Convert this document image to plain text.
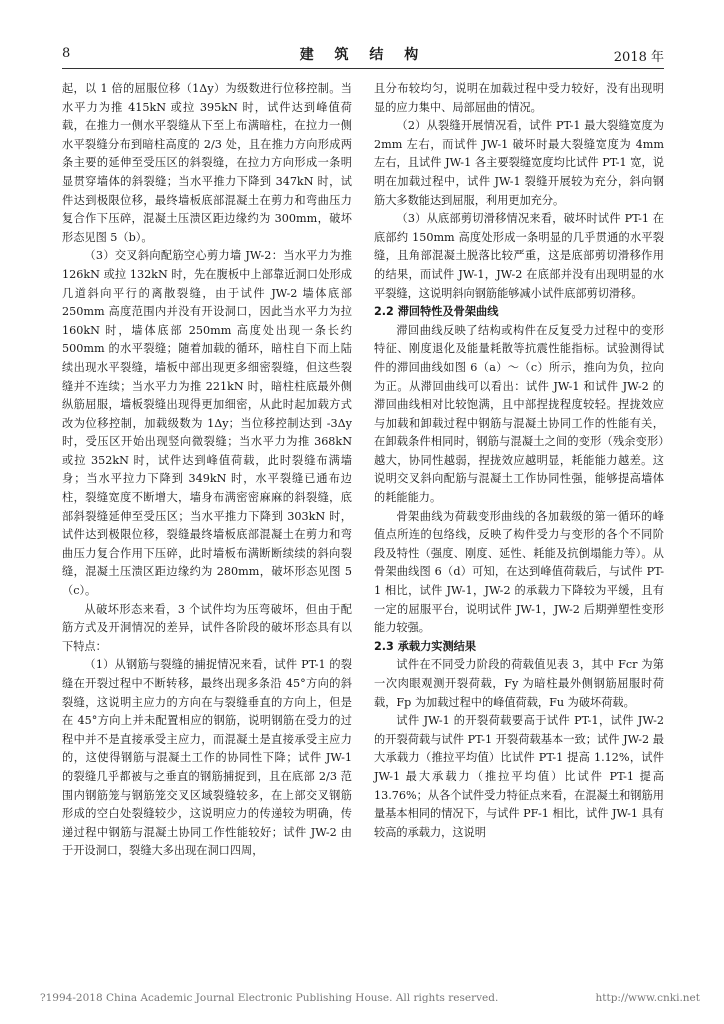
8	建 筑 结 构	2018 年

起，以 1 倍的屈服位移（1Δy）为级数进行位移控制。当水平力为推 415kN 或拉 395kN 时，试件达到峰值荷载，在推力一侧水平裂缝从下至上布满暗柱，在拉力一侧水平裂缝分布到暗柱高度的 2/3 处，且在推力方向形成两条主要的延伸至受压区的斜裂缝，在拉力方向形成一条明显贯穿墙体的斜裂缝；当水平推力下降到 347kN 时，试件达到极限位移，最终墙板底部混凝土在剪力和弯曲压力复合作下压碎，混凝土压溃区距边缘约为 300mm，破坏形态见图 5（b）。

（3）交叉斜向配筋空心剪力墙 JW-2：当水平力为推 126kN 或拉 132kN 时，先在腹板中上部靠近洞口处形成几道斜向平行的离散裂缝，由于试件 JW-2 墙体底部 250mm 高度范围内并没有开设洞口，因此当水平力为拉 160kN 时，墙体底部 250mm 高度处出现一条长约 500mm 的水平裂缝；随着加载的循环，暗柱自下而上陆续出现水平裂缝，墙板中部出现更多细密裂缝，但这些裂缝并不连续；当水平力为推 221kN 时，暗柱柱底最外侧纵筋屈服，墙板裂缝出现得更加细密，从此时起加载方式改为位移控制，加载级数为 1Δy；当位移控制达到 -3Δy 时，受压区开始出现竖向微裂缝；当水平力为推 368kN 或拉 352kN 时，试件达到峰值荷载，此时裂缝布满墙身；当水平拉力下降到 349kN 时，水平裂缝已通布边柱，裂缝宽度不断增大，墙身布满密密麻麻的斜裂缝，底部斜裂缝延伸至受压区；当水平推力下降到 303kN 时，试件达到极限位移，裂缝最终墙板底部混凝土在剪力和弯曲压力复合作用下压碎，此时墙板布满断断续续的斜向裂缝，混凝土压溃区距边缘约为 280mm，破坏形态见图 5（c）。

从破坏形态来看，3 个试件均为压弯破坏，但由于配筋方式及开洞情况的差异，试件各阶段的破坏形态具有以下特点：

（1）从钢筋与裂缝的捕捉情况来看，试件 PT-1 的裂缝在开裂过程中不断转移，最终出现多条沿 45°方向的斜裂缝，这说明主应力的方向在与裂缝垂直的方向上，但是在 45°方向上并未配置相应的钢筋，说明钢筋在受力的过程中并不是直接承受主应力，而混凝土是直接承受主应力的，这使得钢筋与混凝土工作的协同性下降；试件 JW-1 的裂缝几乎都被与之垂直的钢筋捕捉到，且在底部 2/3 范围内钢筋笼与钢筋笼交叉区域裂缝较多，在上部交叉钢筋形成的空白处裂缝较少，这说明应力的传递较为明确，传递过程中钢筋与混凝土协同工作性能较好；试件 JW-2 由于开设洞口，裂缝大多出现在洞口四周，

且分布较均匀，说明在加载过程中受力较好，没有出现明显的应力集中、局部屈曲的情况。

（2）从裂缝开展情况看，试件 PT-1 最大裂缝宽度为 2mm 左右，而试件 JW-1 破坏时最大裂缝宽度为 4mm 左右，且试件 JW-1 各主要裂缝宽度均比试件 PT-1 宽，说明在加载过程中，试件 JW-1 裂缝开展较为充分，斜向钢筋大多数能达到屈服，利用更加充分。

（3）从底部剪切滑移情况来看，破坏时试件 PT-1 在底部约 150mm 高度处形成一条明显的几乎贯通的水平裂缝，且角部混凝土脱落比较严重，这是底部剪切滑移作用的结果，而试件 JW-1，JW-2 在底部并没有出现明显的水平裂缝，这说明斜向钢筋能够减小试件底部剪切滑移。

2.2 滞回特性及骨架曲线

滞回曲线反映了结构或构件在反复受力过程中的变形特征、刚度退化及能量耗散等抗震性能指标。试验测得试件的滞回曲线如图 6（a）～（c）所示，推向为负，拉向为正。从滞回曲线可以看出：试件 JW-1 和试件 JW-2 的滞回曲线相对比较饱满，且中部捏拢程度较轻。捏拢效应与加载和卸载过程中钢筋与混凝土协同工作的性能有关，在卸载条件相同时，钢筋与混凝土之间的变形（残余变形）越大，协同性越弱，捏拢效应越明显，耗能能力越差。这说明交叉斜向配筋与混凝土工作协同性强，能够提高墙体的耗能能力。

骨架曲线为荷载变形曲线的各加载级的第一循环的峰值点所连的包络线，反映了构件受力与变形的各个不同阶段及特性（强度、刚度、延性、耗能及抗倒塌能力等）。从骨架曲线图 6（d）可知，在达到峰值荷载后，与试件 PT-1 相比，试件 JW-1，JW-2 的承载力下降较为平缓，且有一定的屈服平台，说明试件 JW-1，JW-2 后期弹塑性变形能力较强。

2.3 承载力实测结果

试件在不同受力阶段的荷载值见表 3，其中 Fcr 为第一次肉眼观测开裂荷载，Fy 为暗柱最外侧钢筋屈服时荷载，Fp 为加载过程中的峰值荷载，Fu 为破坏荷载。

试件 JW-1 的开裂荷载要高于试件 PT-1，试件 JW-2 的开裂荷载与试件 PT-1 开裂荷载基本一致；试件 JW-2 最大承载力（推拉平均值）比试件 PT-1 提高 1.12%，试件 JW-1 最大承载力（推拉平均值）比试件 PT-1 提高 13.76%；从各个试件受力特征点来看，在混凝土和钢筋用量基本相同的情况下，与试件 PF-1 相比，试件 JW-1 具有较高的承载力，这说明

?1994-2018 China Academic Journal Electronic Publishing House. All rights reserved.	http://www.cnki.net
